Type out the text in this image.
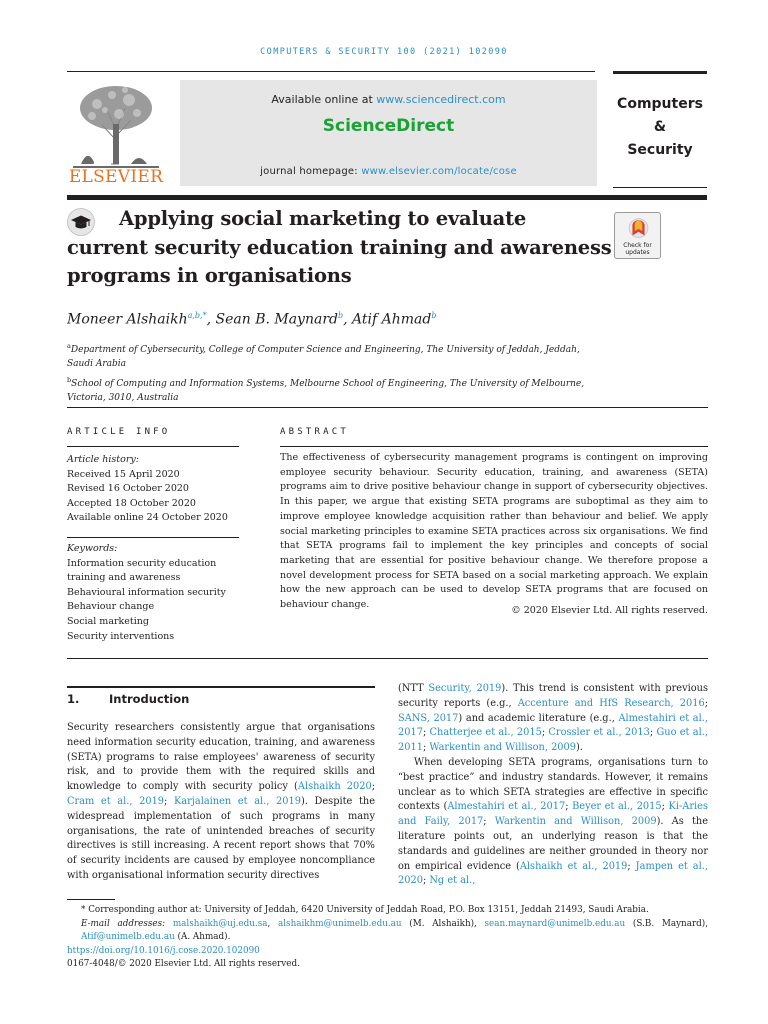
COMPUTERS & SECURITY 100 (2021) 102090
ELSEVIER
Available online at www.sciencedirect.com
ScienceDirect
journal homepage: www.elsevier.com/locate/cose
Computers
&
Security
Applying social marketing to evaluate current security education training and awareness programs in organisations
Check for
updates
Moneer Alshaikh$^{a,b,*}$, Sean B. Maynard$^b$, Atif Ahmad$^b$
$^a$Department of Cybersecurity, College of Computer Science and Engineering, The University of Jeddah, Jeddah,
Saudi Arabia
$^b$School of Computing and Information Systems, Melbourne School of Engineering, The University of Melbourne,
Victoria, 3010, Australia
ARTICLE INFO	ABSTRACT
Article history:
Received 15 April 2020
Revised 16 October 2020
Accepted 18 October 2020
Available online 24 October 2020
Keywords:
Information security education
training and awareness
Behavioural information security
Behaviour change
Social marketing
Security interventions
The effectiveness of cybersecurity management programs is contingent on improving employee security behaviour. Security education, training, and awareness (SETA) programs aim to drive positive behaviour change in support of cybersecurity objectives. In this paper, we argue that existing SETA programs are suboptimal as they aim to improve employee knowledge acquisition rather than behaviour and belief. We apply social marketing principles to examine SETA practices across six organisations. We find that SETA programs fail to implement the key principles and concepts of social marketing that are essential for positive behaviour change. We therefore propose a novel development process for SETA based on a social marketing approach. We explain how the new approach can be used to develop SETA programs that are focused on behaviour change.
© 2020 Elsevier Ltd. All rights reserved.
1.	Introduction

Security researchers consistently argue that organisations need information security education, training, and awareness (SETA) programs to raise employees' awareness of security risk, and to provide them with the required skills and knowledge to comply with security policy (Alshaikh 2020; Cram et al., 2019; Karjalainen et al., 2019). Despite the widespread implementation of such programs in many organisations, the rate of unintended breaches of security directives is still increasing. A recent report shows that 70% of security incidents are caused by employee noncompliance with organisational information security directives

(NTT Security, 2019). This trend is consistent with previous security reports (e.g., Accenture and HfS Research, 2016; SANS, 2017) and academic literature (e.g., Almestahiri et al., 2017; Chatterjee et al., 2015; Crossler et al., 2013; Guo et al., 2011; Warkentin and Willison, 2009).

When developing SETA programs, organisations turn to “best practice” and industry standards. However, it remains unclear as to which SETA strategies are effective in specific contexts (Almestahiri et al., 2017; Beyer et al., 2015; Ki-Aries and Faily, 2017; Warkentin and Willison, 2009). As the literature points out, an underlying reason is that the standards and guidelines are neither grounded in theory nor on empirical evidence (Alshaikh et al., 2019; Jampen et al., 2020; Ng et al.,

* Corresponding author at: University of Jeddah, 6420 University of Jeddah Road, P.O. Box 13151, Jeddah 21493, Saudi Arabia.
E-mail addresses: malshaikh@uj.edu.sa, alshaikhm@unimelb.edu.au (M. Alshaikh), sean.maynard@unimelb.edu.au (S.B. Maynard), Atif@unimelb.edu.au (A. Ahmad).
https://doi.org/10.1016/j.cose.2020.102090
0167-4048/© 2020 Elsevier Ltd. All rights reserved.
